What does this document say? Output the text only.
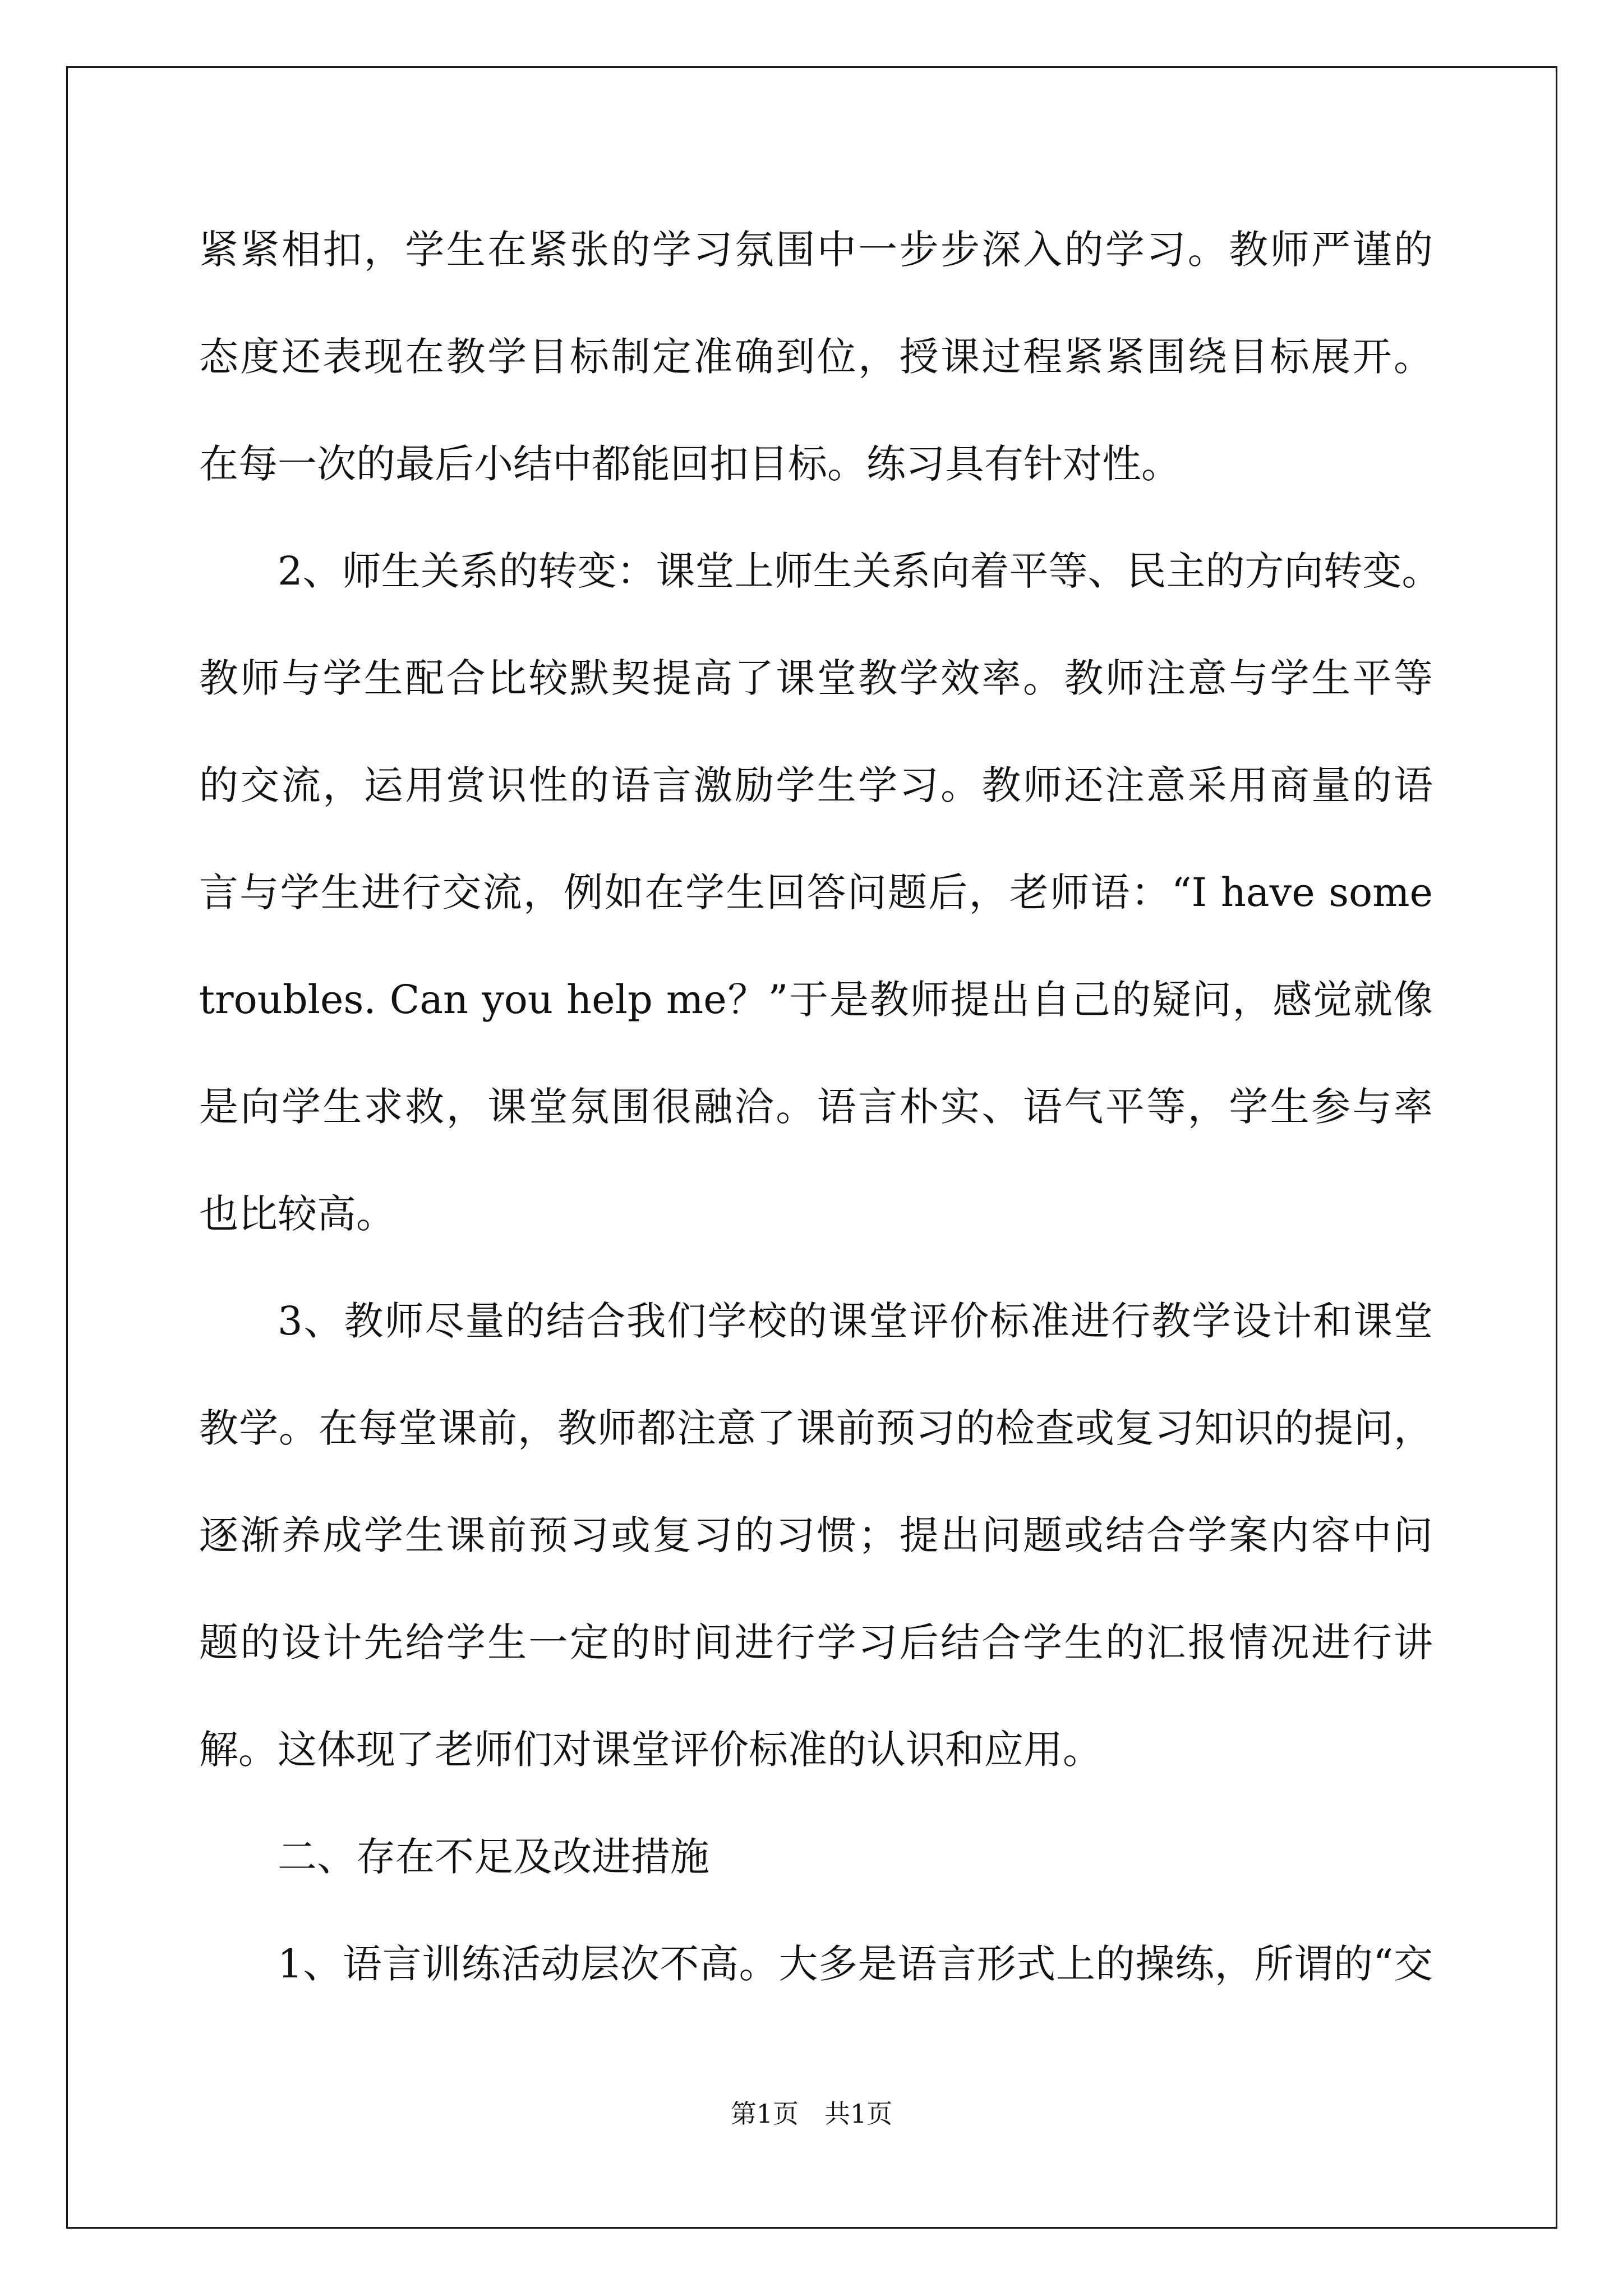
紧紧相扣，学生在紧张的学习氛围中一步步深入的学习。教师严谨的
态度还表现在教学目标制定准确到位，授课过程紧紧围绕目标展开。
在每一次的最后小结中都能回扣目标。练习具有针对性。
2、师生关系的转变：课堂上师生关系向着平等、民主的方向转变。
教师与学生配合比较默契提高了课堂教学效率。教师注意与学生平等
的交流，运用赏识性的语言激励学生学习。教师还注意采用商量的语
言与学生进行交流，例如在学生回答问题后，老师语：“I have some
troubles. Can you help me？”于是教师提出自己的疑问，感觉就像
是向学生求救，课堂氛围很融洽。语言朴实、语气平等，学生参与率
也比较高。
3、教师尽量的结合我们学校的课堂评价标准进行教学设计和课堂
教学。在每堂课前，教师都注意了课前预习的检查或复习知识的提问，
逐渐养成学生课前预习或复习的习惯；提出问题或结合学案内容中问
题的设计先给学生一定的时间进行学习后结合学生的汇报情况进行讲
解。这体现了老师们对课堂评价标准的认识和应用。
二、存在不足及改进措施
1、语言训练活动层次不高。大多是语言形式上的操练，所谓的“交
第1页　共1页
